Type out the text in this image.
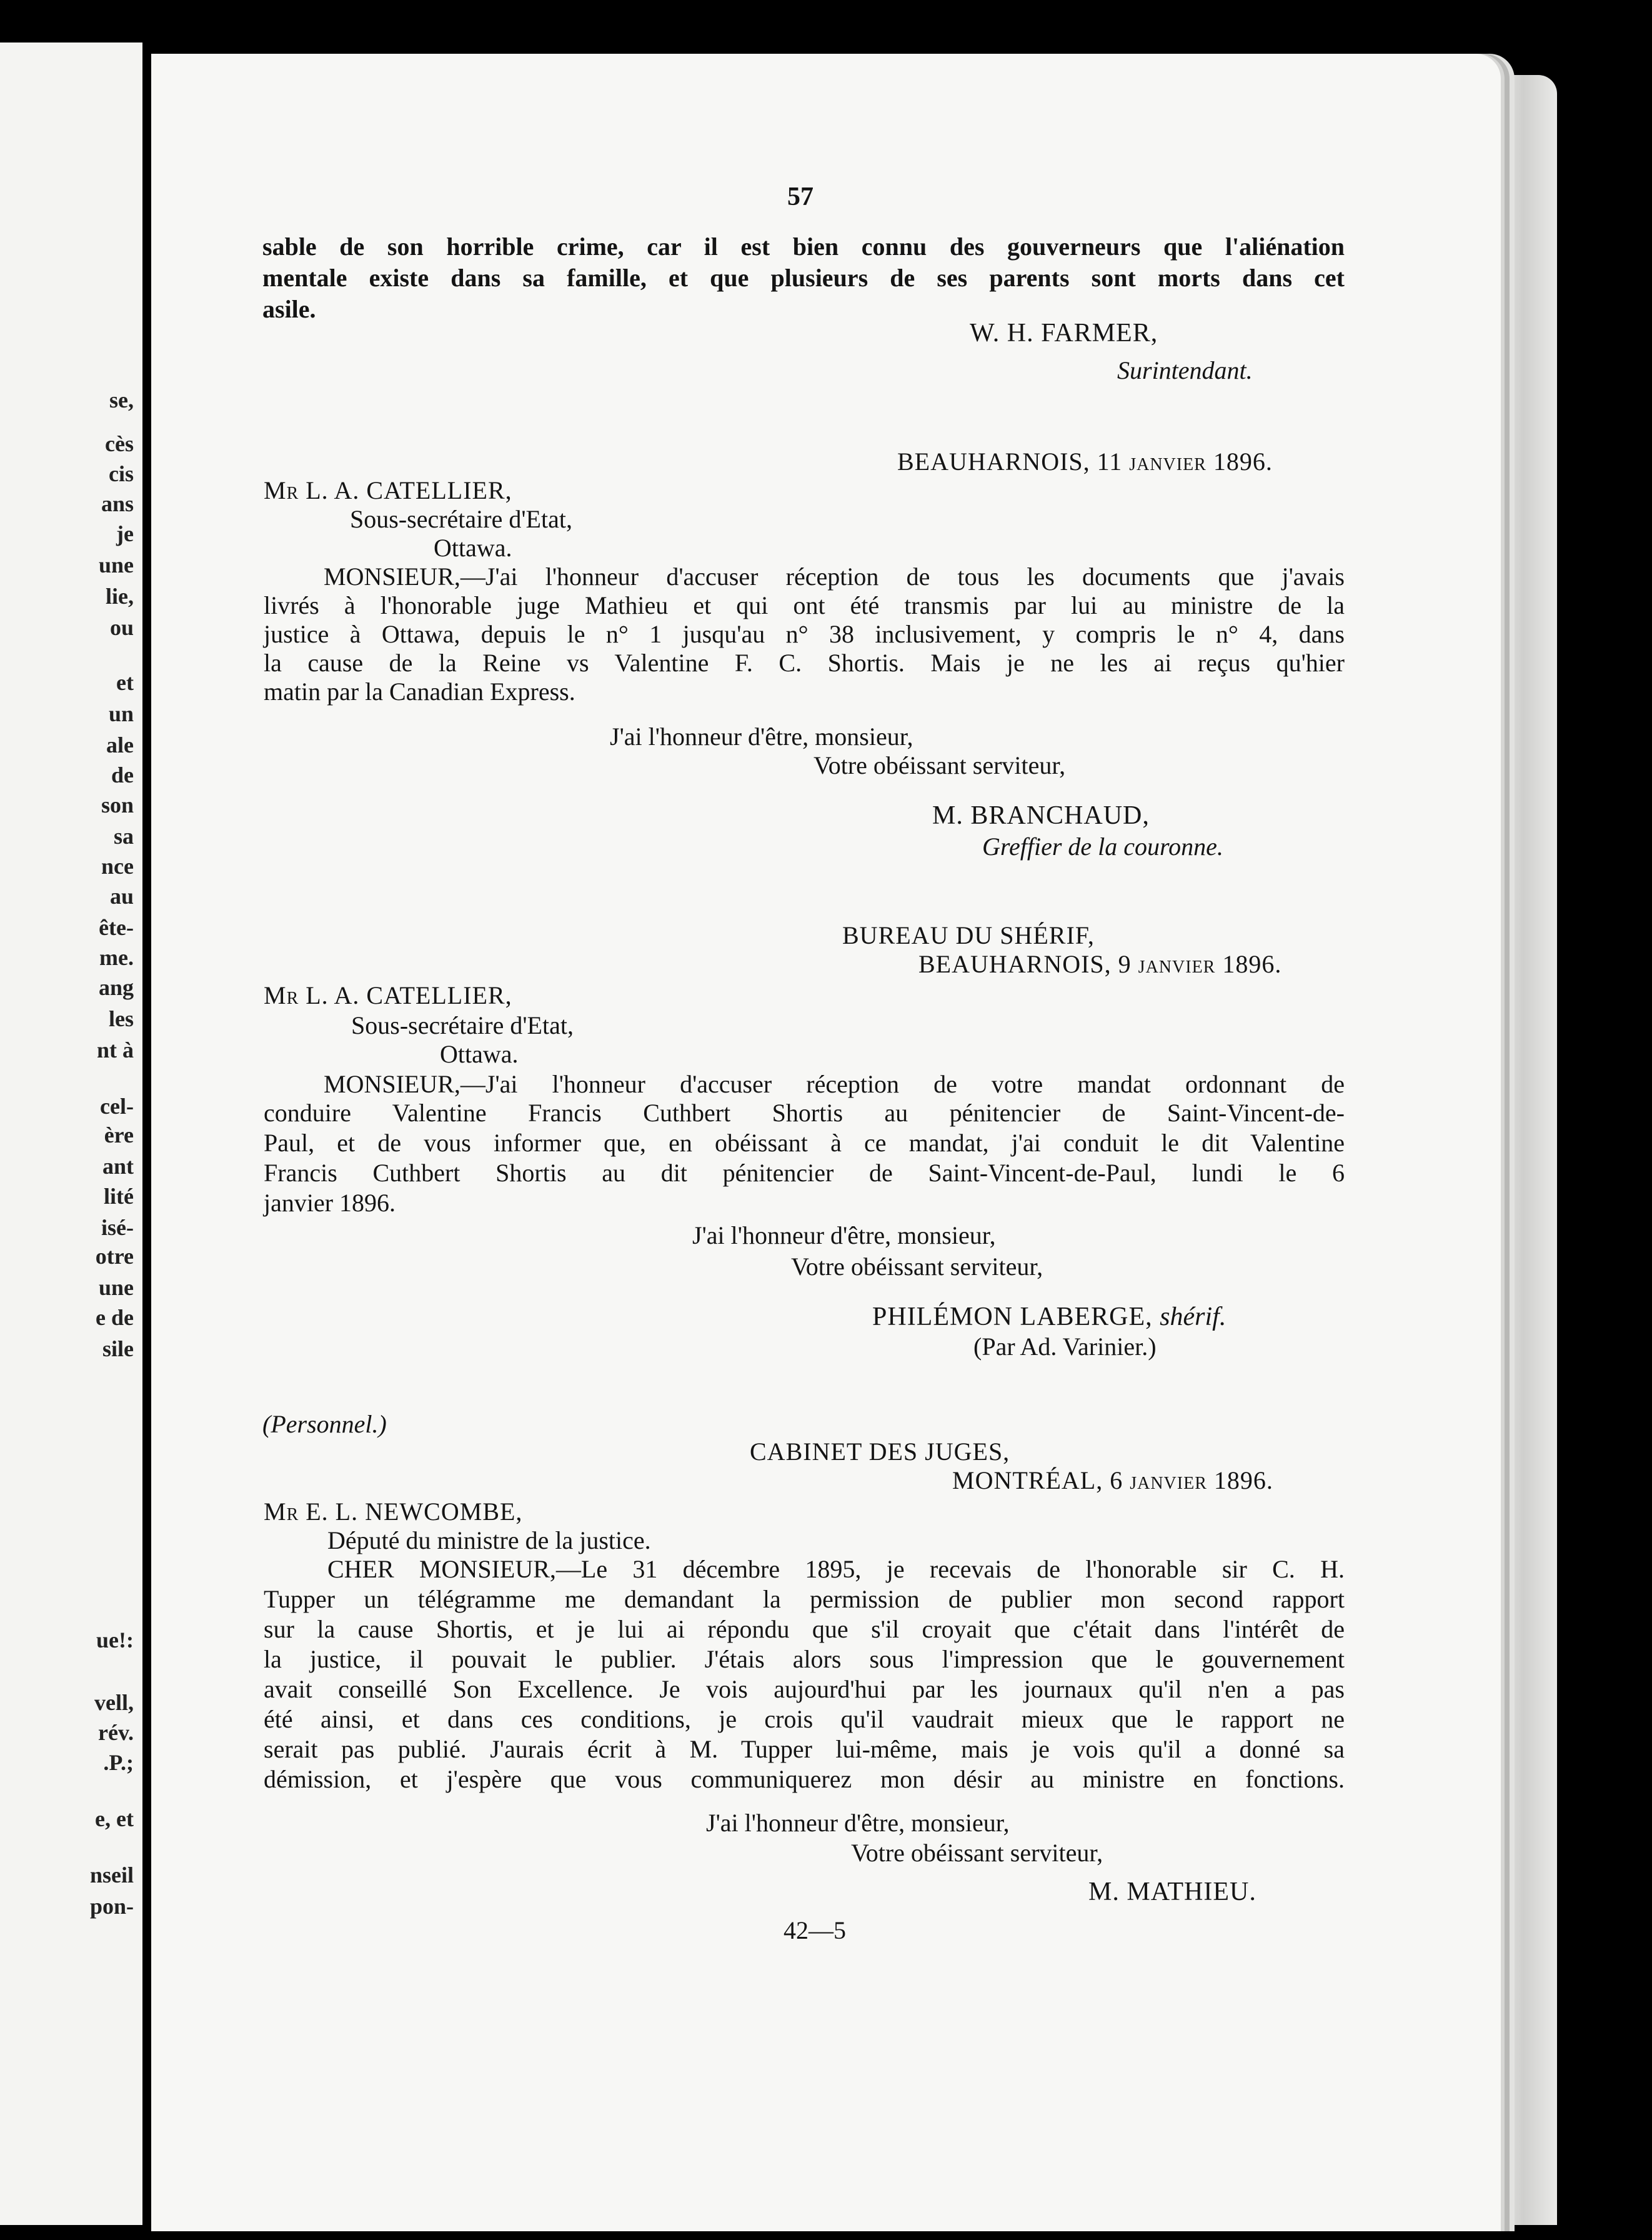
se,
cès
cis
ans
je
une
lie,
ou
et
un
ale
de
son
sa
nce
au
ête-
me.
ang
les
nt à
cel-
ère
ant
lité
isé-
otre
une
e de
sile
ue!:
vell,
rév.
.P.;
e, et
nseil
pon-
57
sable de son horrible crime, car il est bien connu des gouverneurs que l'aliénation
mentale existe dans sa famille, et que plusieurs de ses parents sont morts dans cet
asile.
W. H. FARMER,
Surintendant.
BEAUHARNOIS, 11 janvier 1896.
Mr L. A. CATELLIER,
Sous-secrétaire d'Etat,
Ottawa.
MONSIEUR,—J'ai l'honneur d'accuser réception de tous les documents que j'avais
livrés à l'honorable juge Mathieu et qui ont été transmis par lui au ministre de la
justice à Ottawa, depuis le n° 1 jusqu'au n° 38 inclusivement, y compris le n° 4, dans
la cause de la Reine vs Valentine F. C. Shortis. Mais je ne les ai reçus qu'hier
matin par la Canadian Express.
J'ai l'honneur d'être, monsieur,
Votre obéissant serviteur,
M. BRANCHAUD,
Greffier de la couronne.
BUREAU DU SHÉRIF,
BEAUHARNOIS, 9 janvier 1896.
Mr L. A. CATELLIER,
Sous-secrétaire d'Etat,
Ottawa.
MONSIEUR,—J'ai l'honneur d'accuser réception de votre mandat ordonnant de
conduire Valentine Francis Cuthbert Shortis au pénitencier de Saint-Vincent-de-
Paul, et de vous informer que, en obéissant à ce mandat, j'ai conduit le dit Valentine
Francis Cuthbert Shortis au dit pénitencier de Saint-Vincent-de-Paul, lundi le 6
janvier 1896.
J'ai l'honneur d'être, monsieur,
Votre obéissant serviteur,
PHILÉMON LABERGE, shérif.
(Par Ad. Varinier.)
(Personnel.)
CABINET DES JUGES,
MONTRÉAL, 6 janvier 1896.
Mr E. L. NEWCOMBE,
Député du ministre de la justice.
CHER MONSIEUR,—Le 31 décembre 1895, je recevais de l'honorable sir C. H.
Tupper un télégramme me demandant la permission de publier mon second rapport
sur la cause Shortis, et je lui ai répondu que s'il croyait que c'était dans l'intérêt de
la justice, il pouvait le publier. J'étais alors sous l'impression que le gouvernement
avait conseillé Son Excellence. Je vois aujourd'hui par les journaux qu'il n'en a pas
été ainsi, et dans ces conditions, je crois qu'il vaudrait mieux que le rapport ne
serait pas publié. J'aurais écrit à M. Tupper lui-même, mais je vois qu'il a donné sa
démission, et j'espère que vous communiquerez mon désir au ministre en fonctions.
J'ai l'honneur d'être, monsieur,
Votre obéissant serviteur,
M. MATHIEU.
42—5
